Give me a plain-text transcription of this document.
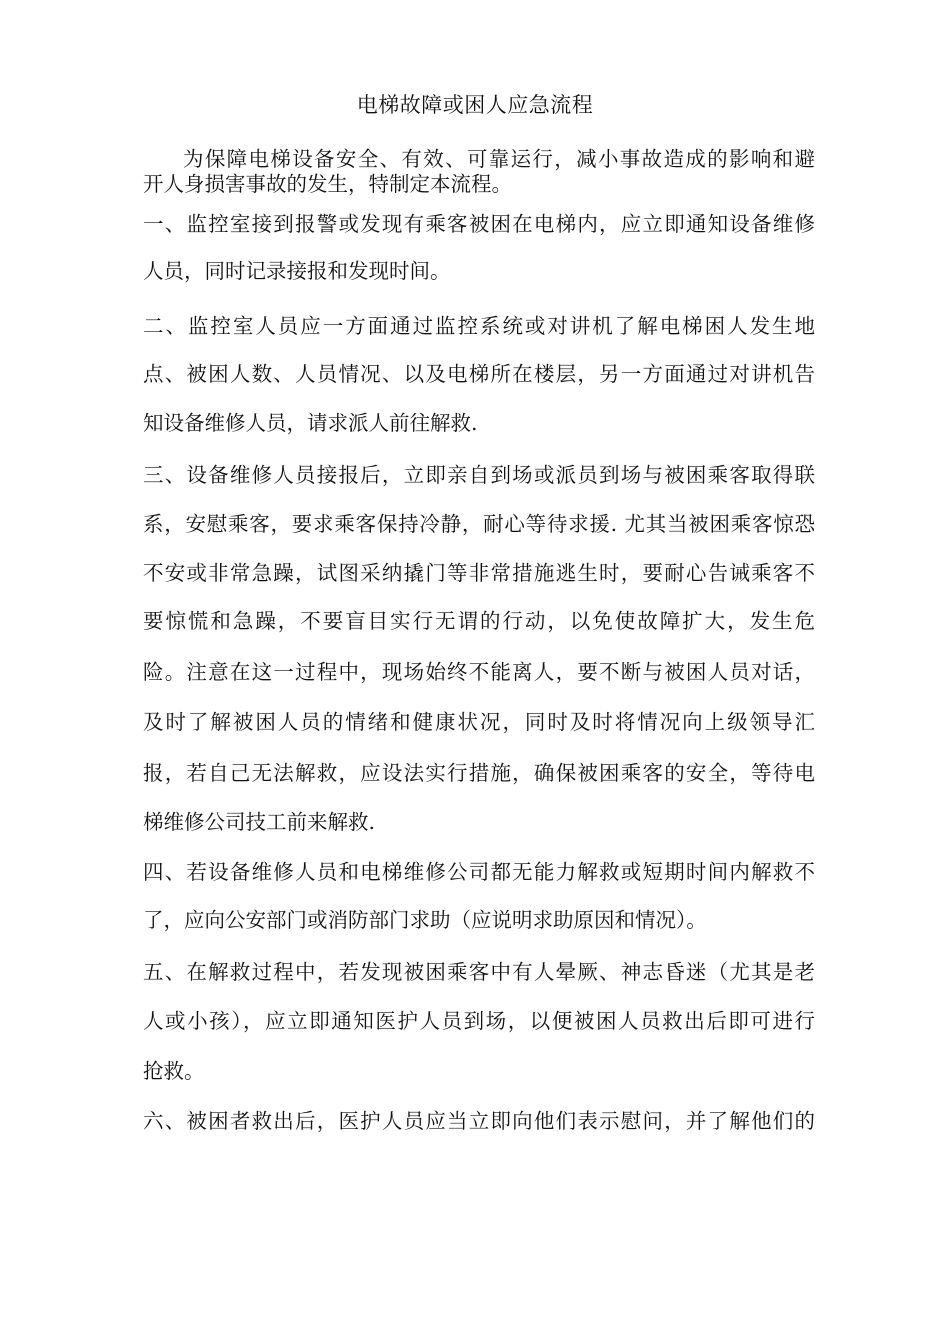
电梯故障或困人应急流程
为保障电梯设备安全、有效、可靠运行，减小事故造成的影响和避
开人身损害事故的发生，特制定本流程。
一、监控室接到报警或发现有乘客被困在电梯内，应立即通知设备维修
人员，同时记录接报和发现时间。
二、监控室人员应一方面通过监控系统或对讲机了解电梯困人发生地
点、被困人数、人员情况、以及电梯所在楼层，另一方面通过对讲机告
知设备维修人员，请求派人前往解救.
三、设备维修人员接报后，立即亲自到场或派员到场与被困乘客取得联
系，安慰乘客，要求乘客保持冷静，耐心等待求援. 尤其当被困乘客惊恐
不安或非常急躁，试图采纳撬门等非常措施逃生时，要耐心告诫乘客不
要惊慌和急躁，不要盲目实行无谓的行动，以免使故障扩大，发生危
险。注意在这一过程中，现场始终不能离人，要不断与被困人员对话，
及时了解被困人员的情绪和健康状况，同时及时将情况向上级领导汇
报，若自己无法解救，应设法实行措施，确保被困乘客的安全，等待电
梯维修公司技工前来解救.
四、若设备维修人员和电梯维修公司都无能力解救或短期时间内解救不
了，应向公安部门或消防部门求助（应说明求助原因和情况）。
五、在解救过程中，若发现被困乘客中有人晕厥、神志昏迷（尤其是老
人或小孩），应立即通知医护人员到场，以便被困人员救出后即可进行
抢救。
六、被困者救出后，医护人员应当立即向他们表示慰问，并了解他们的
